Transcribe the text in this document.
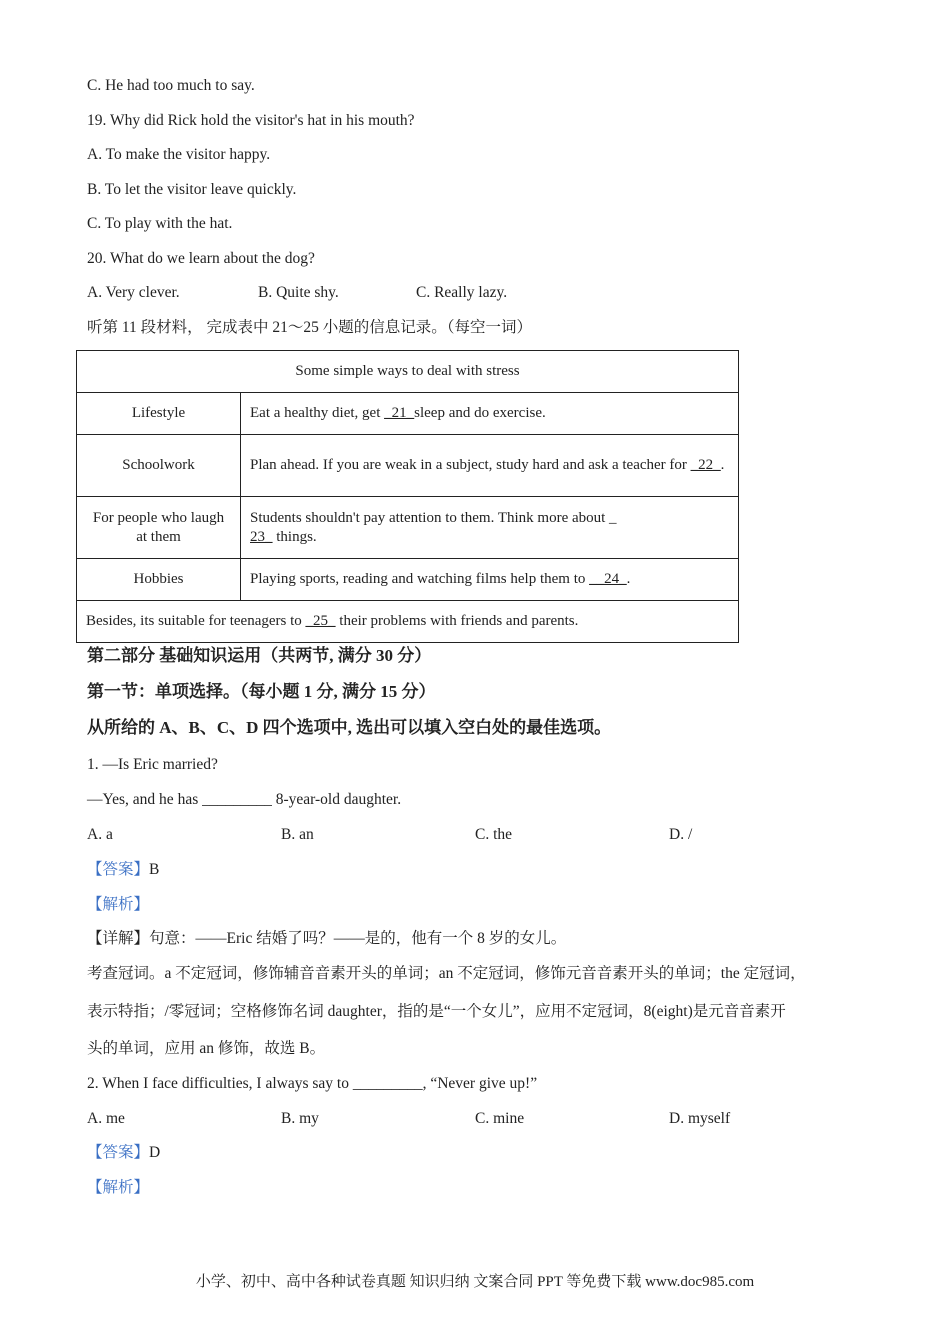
C. He had too much to say.
19. Why did Rick hold the visitor's hat in his mouth?
A. To make the visitor happy.
B. To let the visitor leave quickly.
C. To play with the hat.
20. What do we learn about the dog?
A. Very clever.	B. Quite shy.	C. Really lazy.
听第 11 段材料， 完成表中 21～25 小题的信息记录。（每空一词）
Some simple ways to deal with stress	
Lifestyle	Eat a healthy diet, get _21_sleep and do exercise.
Schoolwork	Plan ahead. If you are weak in a subject, study hard and ask a teacher for _22_.
For people who laugh at them	Students shouldn't pay attention to them. Think more about _
23_ things.
Hobbies	Playing sports, reading and watching films help them to __24_.
Besides, its suitable for teenagers to _25_ their problems with friends and parents.	
第二部分 基础知识运用（共两节, 满分 30 分）
第一节：单项选择。（每小题 1 分, 满分 15 分）
从所给的 A、B、C、D 四个选项中, 选出可以填入空白处的最佳选项。
1. —Is Eric married?
—Yes, and he has _________ 8-year-old daughter.
A. a	B. an	C. the	D. /
【答案】B
【解析】
【详解】句意：——Eric 结婚了吗？——是的，他有一个 8 岁的女儿。
考查冠词。a 不定冠词，修饰辅音音素开头的单词；an 不定冠词，修饰元音音素开头的单词；the 定冠词，
表示特指；/零冠词；空格修饰名词 daughter，指的是“一个女儿”，应用不定冠词，8(eight)是元音音素开
头的单词，应用 an 修饰，故选 B。
2. When I face difficulties, I always say to _________, “Never give up!”
A. me	B. my	C. mine	D. myself
【答案】D
【解析】
小学、初中、高中各种试卷真题 知识归纳 文案合同 PPT 等免费下载 www.doc985.com
